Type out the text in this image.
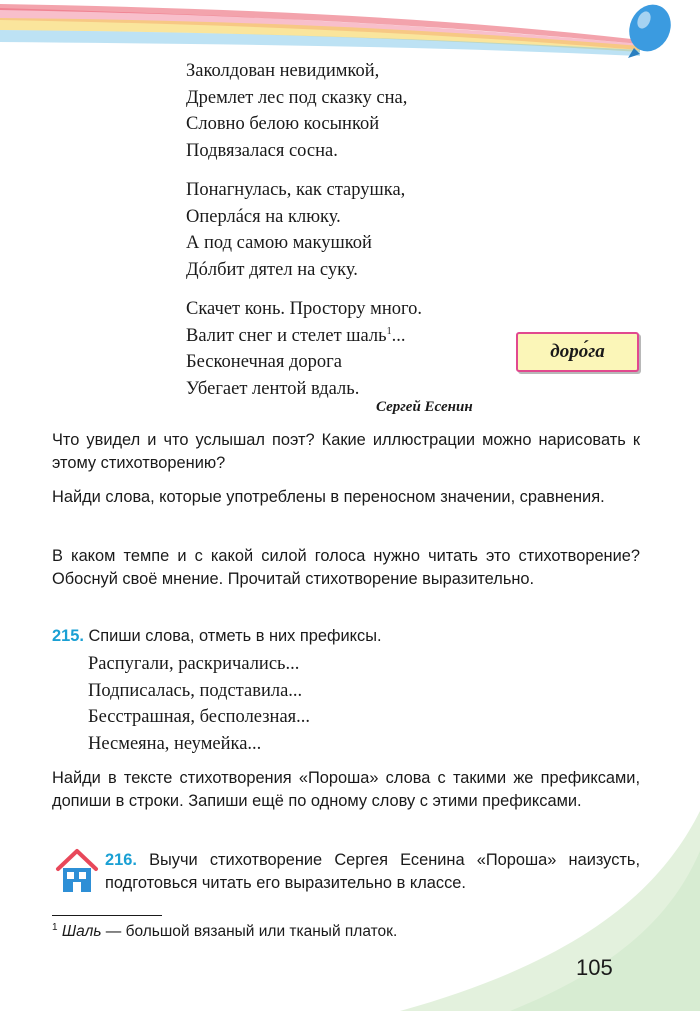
Заколдован невидимкой,
Дремлет лес под сказку сна,
Словно белою косынкой
Подвязалася сосна.
Понагнулась, как старушка,
Оперлáся на клюку.
А под самою макушкой
Дóлбит дятел на суку.
Скачет конь. Простору много.
Валит снег и стелет шаль$^1$...
Бесконечная дорога
Убегает лентой вдаль.
Сергей Есенин
доро́га

Что увидел и что услышал поэт? Какие иллюстрации можно нарисовать к этому стихотворению?

Найди слова, которые употреблены в переносном значении, сравнения.

В каком темпе и с какой силой голоса нужно читать это стихотворение? Обоснуй своё мнение. Прочитай стихотворение выразительно.

215. Спиши слова, отметь в них префиксы.

Распугали, раскричались...
Подписалась, подставила...
Бесстрашная, бесполезная...
Несмеяна, неумейка...

Найди в тексте стихотворения «Пороша» слова с такими же префиксами, допиши в строки. Запиши ещё по одному слову с этими префиксами.

216. Выучи стихотворение Сергея Есенина «Пороша» наизусть, подготовься читать его выразительно в классе.

$^1$ Шаль — большой вязаный или тканый платок.

105
